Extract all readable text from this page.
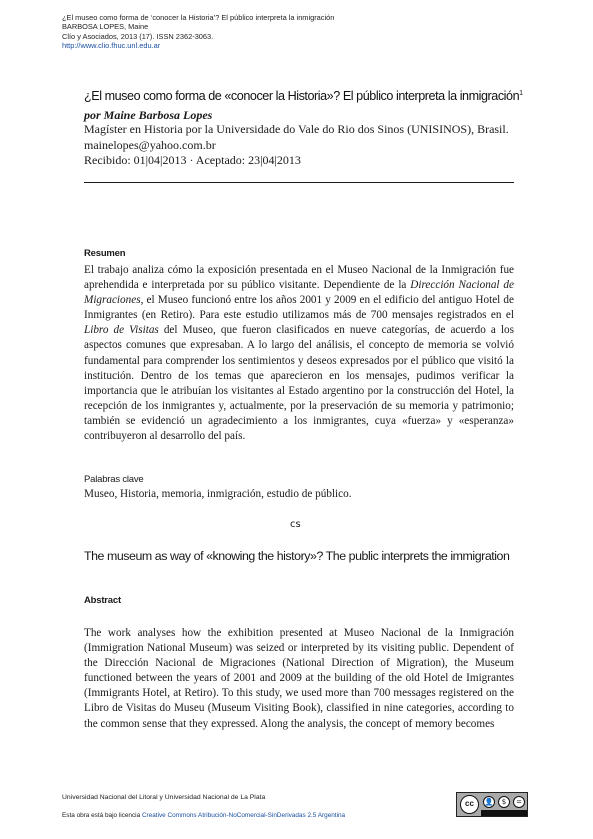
¿El museo como forma de ‘conocer la Historia’? El público interpreta la inmigración
BARBOSA LOPES, Maine
Clío y Asociados, 2013 (17). ISSN 2362-3063.
http://www.clio.fhuc.unl.edu.ar
¿El museo como forma de «conocer la Historia»? El público interpreta la inmigración$^1$
por Maine Barbosa Lopes
Magíster en Historia por la Universidade do Vale do Rio dos Sinos (UNISINOS), Brasil.
mainelopes@yahoo.com.br
Recibido: 01|04|2013 · Aceptado: 23|04|2013
Resumen

El trabajo analiza cómo la exposición presentada en el Museo Nacional de la Inmigración fue aprehendida e interpretada por su público visitante. Dependiente de la Dirección Nacional de Migraciones, el Museo funcionó entre los años 2001 y 2009 en el edificio del antiguo Hotel de Inmigrantes (en Retiro). Para este estudio utilizamos más de 700 mensajes registrados en el Libro de Visitas del Museo, que fueron clasificados en nueve categorías, de acuerdo a los aspectos comunes que expresaban. A lo largo del análisis, el concepto de memoria se volvió fundamental para comprender los sentimientos y deseos expresados por el público que visitó la institución. Dentro de los temas que aparecieron en los mensajes, pudimos verificar la importancia que le atribuían los visitantes al Estado argentino por la construcción del Hotel, la recepción de los inmigrantes y, actualmente, por la preservación de su memoria y patrimonio; también se evidenció un agradecimiento a los inmigrantes, cuya «fuerza» y «esperanza» contribuyeron al desarrollo del país.

Palabras clave
Museo, Historia, memoria, inmigración, estudio de público.
cs
The museum as way of «knowing the history»? The public interprets the immigration
Abstract

The work analyses how the exhibition presented at Museo Nacional de la Inmigración (Immigration National Museum) was seized or interpreted by its visiting public. Dependent of the Dirección Nacional de Migraciones (National Direction of Migration), the Museum functioned between the years of 2001 and 2009 at the building of the old Hotel de Imigrantes (Immigrants Hotel, at Retiro). To this study, we used more than 700 messages registered on the Libro de Visitas do Museu (Museum Visiting Book), classified in nine categories, according to the common sense that they expressed. Along the analysis, the concept of memory becomes

Universidad Nacional del Litoral y Universidad Nacional de La Plata
Esta obra está bajo licencia Creative Commons Atribución-NoComercial-SinDerivadas 2.5 Argentina
cc	👤	$	=
